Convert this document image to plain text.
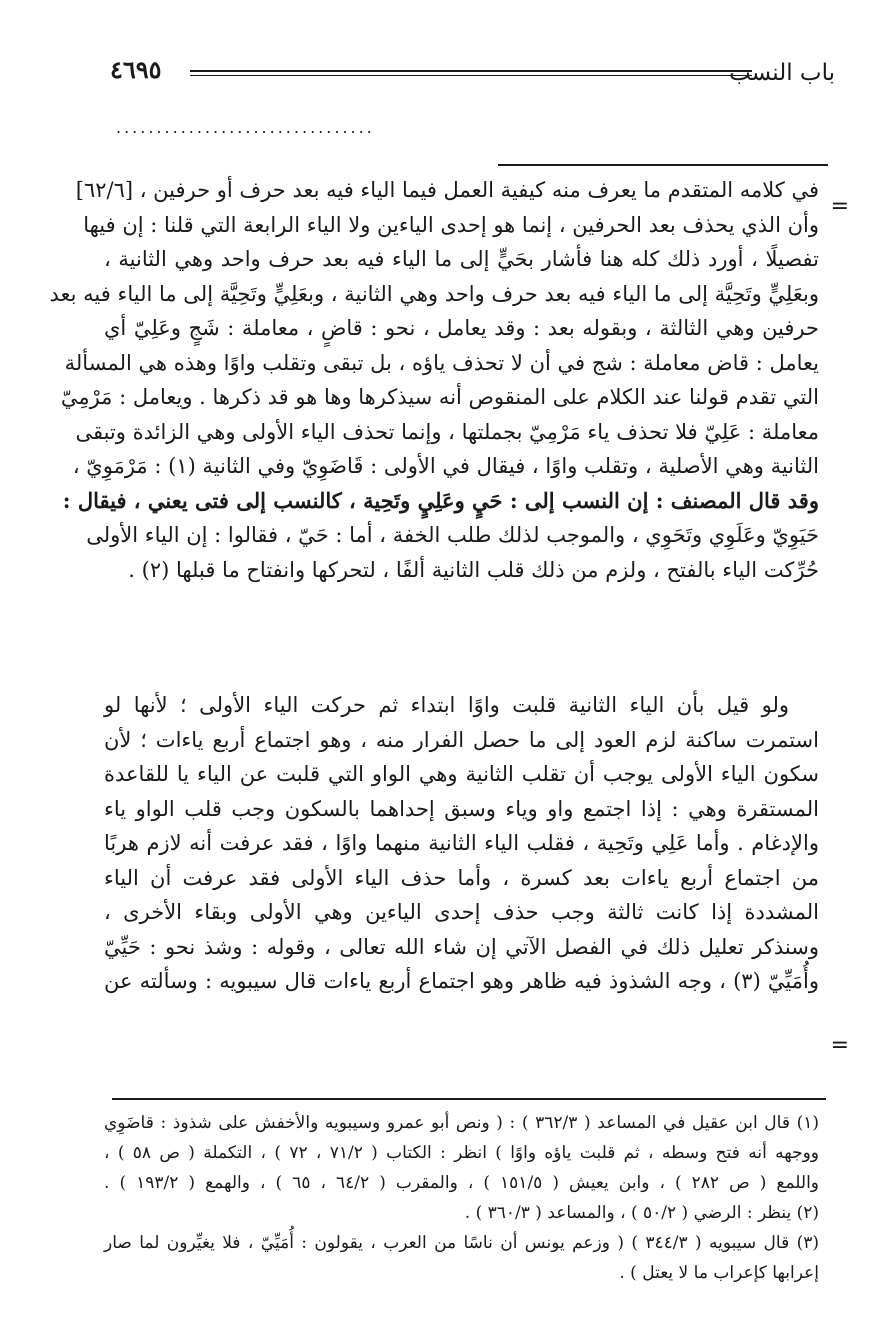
باب النسب
٤٦٩٥
................................
=
=
في كلامه المتقدم ما يعرف منه كيفية العمل فيما الياء فيه بعد حرف أو حرفين ، [٦٢/٦]
وأن الذي يحذف بعد الحرفين ، إنما هو إحدى الياءين ولا الياء الرابعة التي قلنا : إن فيها
تفصيلًا ، أورد ذلك كله هنا فأشار بحَيٍّ إلى ما الياء فيه بعد حرف واحد وهي الثانية ،
وبعَلِيٍّ وتَحِيَّة إلى ما الياء فيه بعد حرف واحد وهي الثانية ، وبعَلِيٍّ وتَحِيَّة إلى ما الياء فيه بعد
حرفين وهي الثالثة ، وبقوله بعد : وقد يعامل ، نحو : قاضٍ ، معاملة : شَجٍ وعَلِيّ أي
يعامل : قاض معاملة : شج في أن لا تحذف ياؤه ، بل تبقى وتقلب واوًا وهذه هي المسألة
التي تقدم قولنا عند الكلام على المنقوص أنه سيذكرها وها هو قد ذكرها . ويعامل : مَرْمِيّ
معاملة : عَلِيّ فلا تحذف ياء مَرْمِيّ بجملتها ، وإنما تحذف الياء الأولى وهي الزائدة وتبقى
الثانية وهي الأصلية ، وتقلب واوًا ، فيقال في الأولى : قَاضَوِيّ وفي الثانية (١) : مَرْمَوِيّ ،
وقد قال المصنف : إن النسب إلى : حَيٍ وعَلِيٍ وتَحِية ، كالنسب إلى فتى يعني ، فيقال :
حَيَوِيّ وعَلَوِي وتَحَوِي ، والموجب لذلك طلب الخفة ، أما : حَيّ ، فقالوا : إن الياء الأولى
حُرِّكت الياء بالفتح ، ولزم من ذلك قلب الثانية ألفًا ، لتحركها وانفتاح ما قبلها (٢) .
ولو قيل بأن الياء الثانية قلبت واوًا ابتداء ثم حركت الياء الأولى ؛ لأنها لو
استمرت ساكنة لزم العود إلى ما حصل الفرار منه ، وهو اجتماع أربع ياءات ؛ لأن
سكون الياء الأولى يوجب أن تقلب الثانية وهي الواو التي قلبت عن الياء يا للقاعدة
المستقرة وهي : إذا اجتمع واو وياء وسبق إحداهما بالسكون وجب قلب الواو ياء
والإدغام . وأما عَلِي وتَحِية ، فقلب الياء الثانية منهما واوًا ، فقد عرفت أنه لازم هربًا
من اجتماع أربع ياءات بعد كسرة ، وأما حذف الياء الأولى فقد عرفت أن الياء
المشددة إذا كانت ثالثة وجب حذف إحدى الياءين وهي الأولى وبقاء الأخرى ،
وسنذكر تعليل ذلك في الفصل الآتي إن شاء الله تعالى ، وقوله : وشذ نحو : حَيِّيّ
وأُمَيِّيّ (٣) ، وجه الشذوذ فيه ظاهر وهو اجتماع أربع ياءات قال سيبويه : وسألته عن
(١) قال ابن عقيل في المساعد ( ٣٦٢/٣ ) : ( ونص أبو عمرو وسيبويه والأخفش على شذوذ : قاضَوِي
ووجهه أنه فتح وسطه ، ثم قلبت ياؤه واوًا ) انظر : الكتاب ( ٧١/٢ ، ٧٢ ) ، التكملة ( ص ٥٨ ) ،
واللمع ( ص ٢٨٢ ) ، وابن يعيش ( ١٥١/٥ ) ، والمقرب ( ٦٤/٢ ، ٦٥ ) ، والهمع ( ١٩٣/٢ ) .
(٢) ينظر : الرضي ( ٥٠/٢ ) ، والمساعد ( ٣٦٠/٣ ) .
(٣) قال سيبويه ( ٣٤٤/٣ ) ( وزعم يونس أن ناسًا من العرب ، يقولون : أُمَيِّيّ ، فلا يغيِّرون لما صار
إعرابها كإعراب ما لا يعتل ) .
